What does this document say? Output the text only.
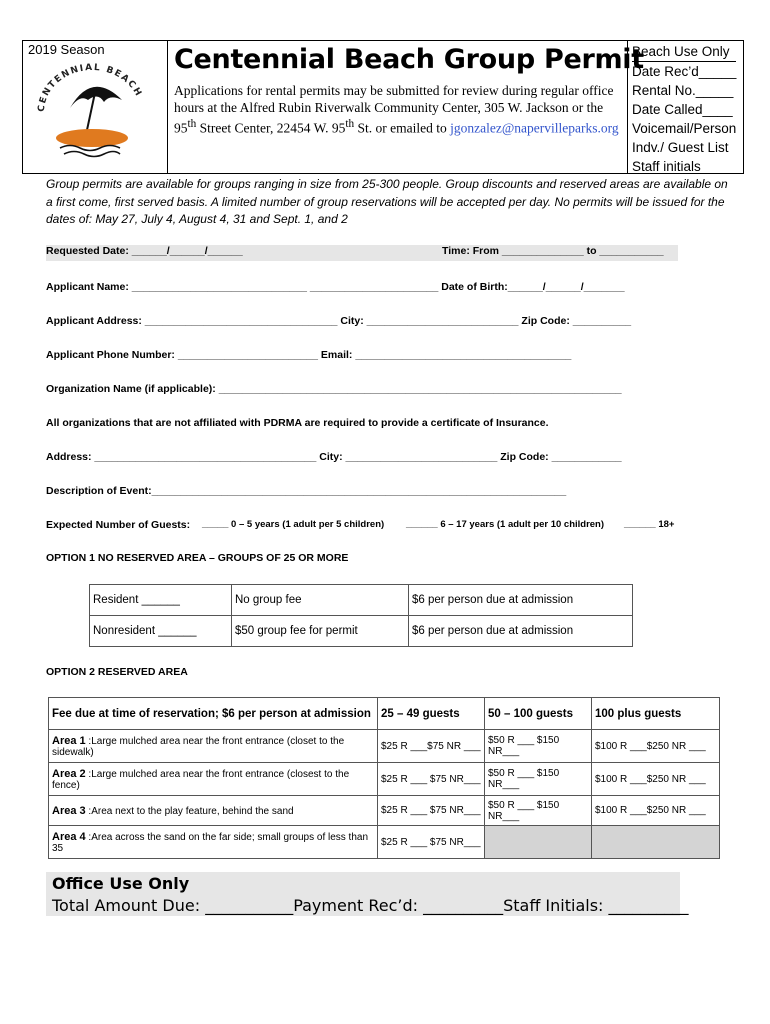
2019 Season
CENTENNIAL BEACH
Centennial Beach Group Permit
Applications for rental permits may be submitted for review during regular office hours at the Alfred Rubin Riverwalk Community Center, 305 W. Jackson or the
95th Street Center, 22454 W. 95th St. or emailed to jgonzalez@napervilleparks.org
Beach Use Only
Date Rec’d_____
Rental No._____
Date Called____
Voicemail/Person
Indv./ Guest List
Staff initials ____
Group permits are available for groups ranging in size from 25-300 people. Group discounts and reserved areas are available on a first come, first served basis. A limited number of group reservations will be accepted per day. No permits will be issued for the dates of: May 27, July 4, August 4, 31 and Sept. 1, and 2
Requested Date: ______/______/______	Time: From ______________ to ___________
Applicant Name: ______________________________ ______________________ Date of Birth:______/______/_______
Applicant Address: _________________________________ City: __________________________ Zip Code: __________
Applicant Phone Number: ________________________ Email: _____________________________________
Organization Name (if applicable): _____________________________________________________________________
All organizations that are not affiliated with PDRMA are required to provide a certificate of Insurance.
Address: ______________________________________ City: __________________________ Zip Code: ____________
Description of Event:_______________________________________________________________________
Expected Number of Guests: _____ 0 – 5 years (1 adult per 5 children) ______ 6 – 17 years (1 adult per 10 children) ______ 18+
OPTION 1 NO RESERVED AREA – GROUPS OF 25 OR MORE
Resident ______	No group fee	$6 per person due at admission
Nonresident ______	$50 group fee for permit	$6 per person due at admission
OPTION 2 RESERVED AREA
Fee due at time of reservation; $6 per person at admission	25 – 49 guests	50 – 100 guests	100 plus guests
Area 1 :Large mulched area near the front entrance (closet to the sidewalk)	$25 R ___$75 NR ___	$50 R ___ $150 NR___	$100 R ___$250 NR ___
Area 2 :Large mulched area near the front entrance (closest to the fence)	$25 R ___ $75 NR___	$50 R ___ $150 NR___	$100 R ___$250 NR ___
Area 3 :Area next to the play feature, behind the sand	$25 R ___ $75 NR___	$50 R ___ $150 NR___	$100 R ___$250 NR ___
Area 4 :Area across the sand on the far side; small groups of less than 35	$25 R ___ $75 NR___		
Office Use Only
Total Amount Due: ___________Payment Rec’d: __________Staff Initials: __________
